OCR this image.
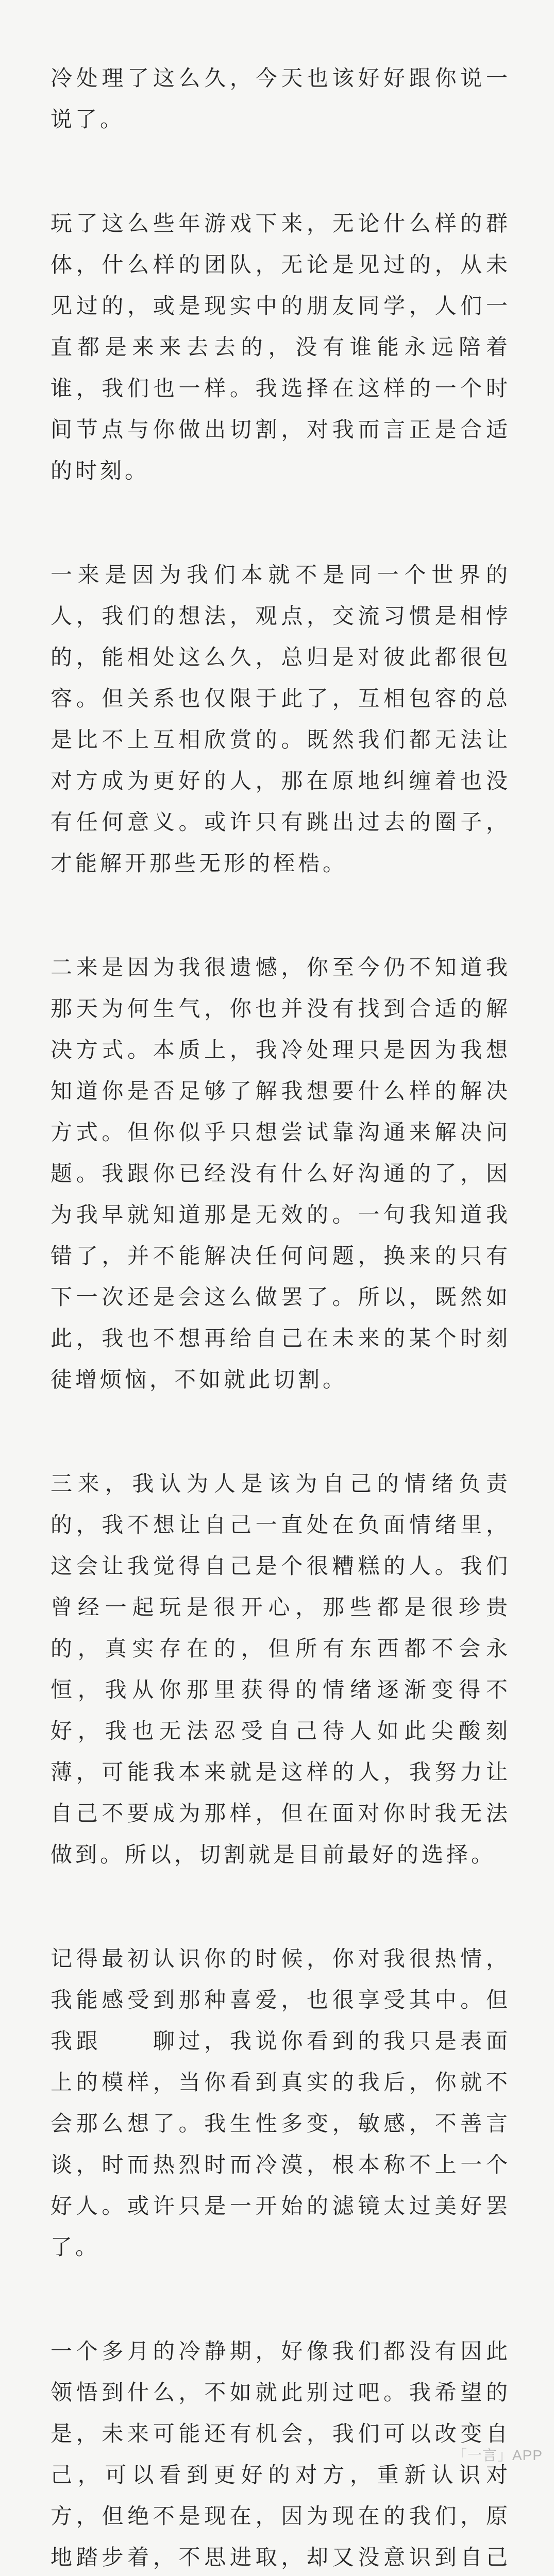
冷处理了这么久，今天也该好好跟你说一说了。

玩了这么些年游戏下来，无论什么样的群体，什么样的团队，无论是见过的，从未见过的，或是现实中的朋友同学，人们一直都是来来去去的，没有谁能永远陪着谁，我们也一样。我选择在这样的一个时间节点与你做出切割，对我而言正是合适的时刻。

一来是因为我们本就不是同一个世界的人，我们的想法，观点，交流习惯是相悖的，能相处这么久，总归是对彼此都很包容。但关系也仅限于此了，互相包容的总是比不上互相欣赏的。既然我们都无法让对方成为更好的人，那在原地纠缠着也没有任何意义。或许只有跳出过去的圈子，才能解开那些无形的桎梏。

二来是因为我很遗憾，你至今仍不知道我那天为何生气，你也并没有找到合适的解决方式。本质上，我冷处理只是因为我想知道你是否足够了解我想要什么样的解决方式。但你似乎只想尝试靠沟通来解决问题。我跟你已经没有什么好沟通的了，因为我早就知道那是无效的。一句我知道我错了，并不能解决任何问题，换来的只有下一次还是会这么做罢了。所以，既然如此，我也不想再给自己在未来的某个时刻徒增烦恼，不如就此切割。

三来，我认为人是该为自己的情绪负责的，我不想让自己一直处在负面情绪里，这会让我觉得自己是个很糟糕的人。我们曾经一起玩是很开心，那些都是很珍贵的，真实存在的，但所有东西都不会永恒，我从你那里获得的情绪逐渐变得不好，我也无法忍受自己待人如此尖酸刻薄，可能我本来就是这样的人，我努力让自己不要成为那样，但在面对你时我无法做到。所以，切割就是目前最好的选择。

记得最初认识你的时候，你对我很热情，我能感受到那种喜爱，也很享受其中。但我跟　　聊过，我说你看到的我只是表面上的模样，当你看到真实的我后，你就不会那么想了。我生性多变，敏感，不善言谈，时而热烈时而冷漠，根本称不上一个好人。或许只是一开始的滤镜太过美好罢了。

一个多月的冷静期，好像我们都没有因此领悟到什么，不如就此别过吧。我希望的是，未来可能还有机会，我们可以改变自己，可以看到更好的对方，重新认识对方，但绝不是现在，因为现在的我们，原地踏步着，不思进取，却又没意识到自己

「一言」APP
